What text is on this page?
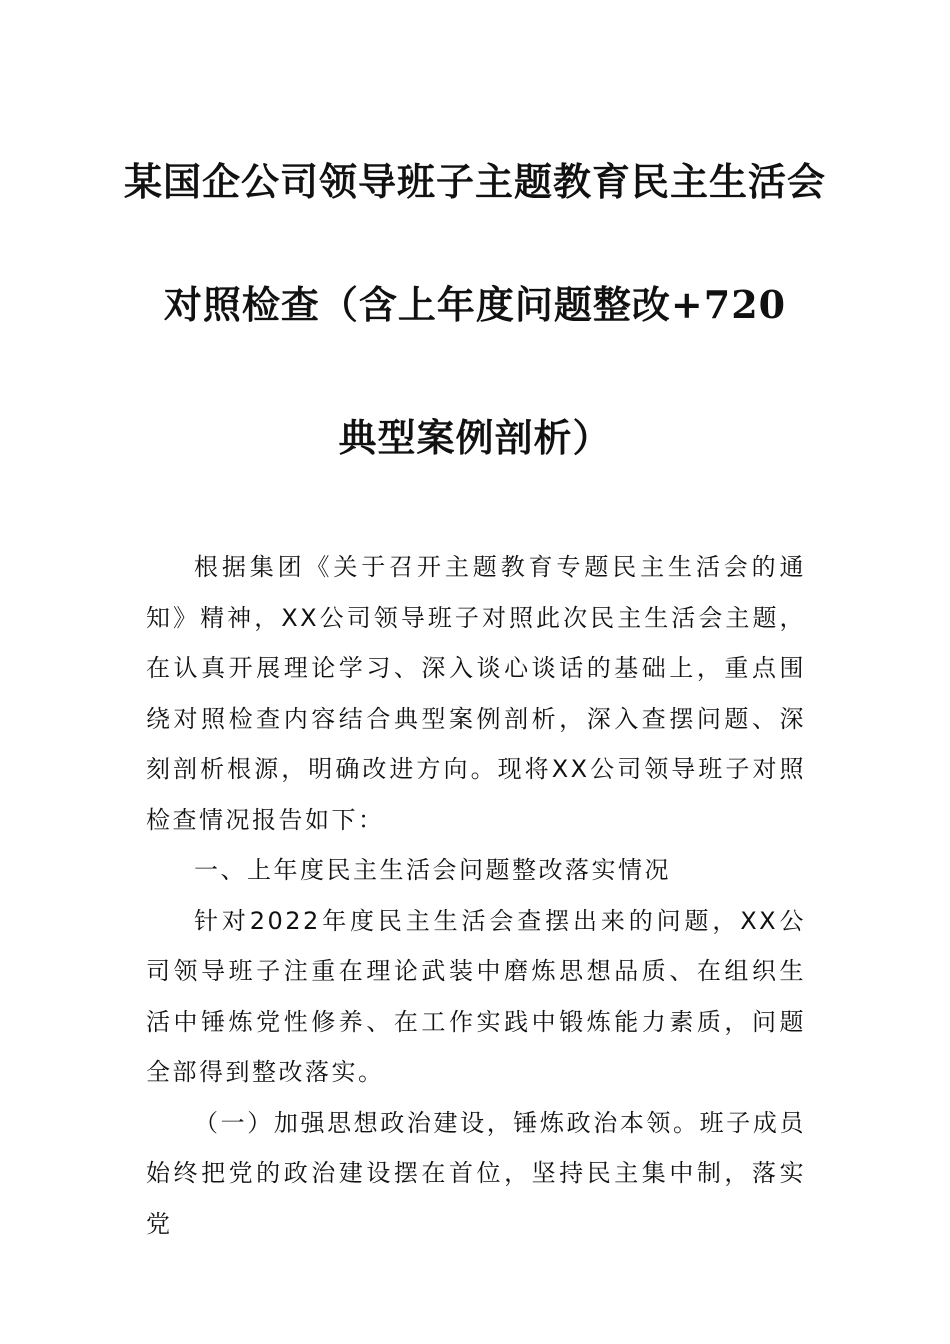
某国企公司领导班子主题教育民主生活会
对照检查（含上年度问题整改+720
典型案例剖析）

根据集团《关于召开主题教育专题民主生活会的通知》精神，XX公司领导班子对照此次民主生活会主题，在认真开展理论学习、深入谈心谈话的基础上，重点围绕对照检查内容结合典型案例剖析，深入查摆问题、深刻剖析根源，明确改进方向。现将XX公司领导班子对照检查情况报告如下：

一、上年度民主生活会问题整改落实情况

针对2022年度民主生活会查摆出来的问题，XX公司领导班子注重在理论武装中磨炼思想品质、在组织生活中锤炼党性修养、在工作实践中锻炼能力素质，问题全部得到整改落实。

（一）加强思想政治建设，锤炼政治本领。班子成员始终把党的政治建设摆在首位，坚持民主集中制，落实党
